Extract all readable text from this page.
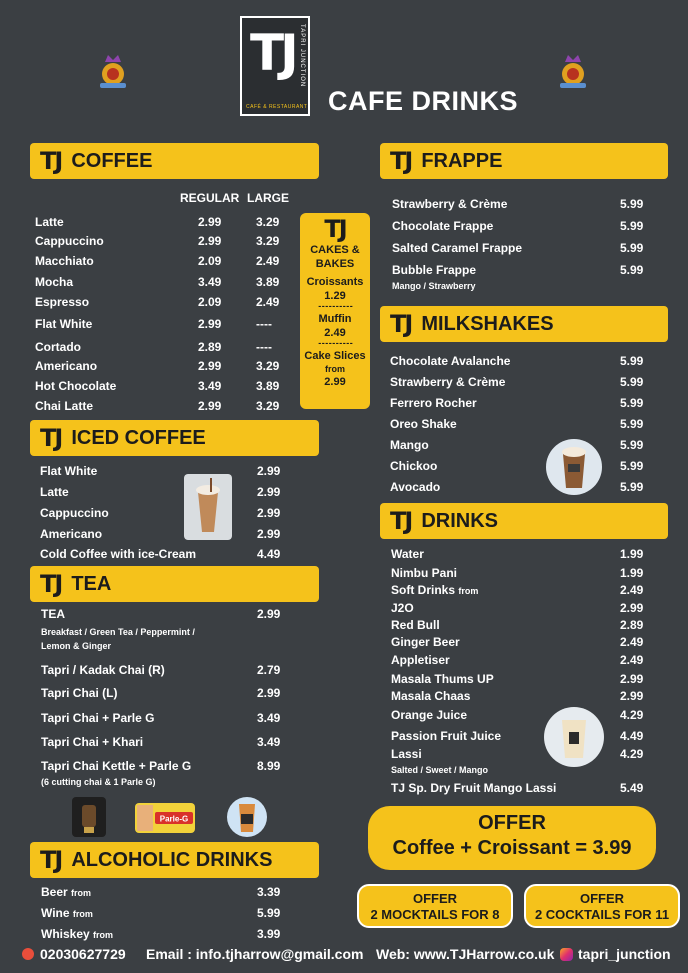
TJ TAPRI JUNCTION
CAFÉ & RESTAURANT CAFE DRINKS
TJ COFFEE
REGULAR LARGE
Latte	2.99	3.29
Cappuccino	2.99	3.29
Macchiato	2.09	2.49
Mocha	3.49	3.89
Espresso	2.09	2.49
Flat White	2.99	----
Cortado	2.89	----
Americano	2.99	3.29
Hot Chocolate	3.49	3.89
Chai Latte	2.99	3.29
TJ
CAKES &
BAKES
Croissants
1.29
- - - - - - - - - -
Muffin
2.49
- - - - - - - - - -
Cake Slices
from
2.99
TJ ICED COFFEE
Flat White	2.99
Latte	2.99
Cappuccino	2.99
Americano	2.99
Cold Coffee with ice-Cream	4.49
TJ TEA
TEA	2.99
Breakfast / Green Tea / Peppermint /
Lemon & Ginger
Tapri / Kadak Chai (R)	2.79
Tapri Chai (L)	2.99
Tapri Chai + Parle G	3.49
Tapri Chai + Khari	3.49
Tapri Chai Kettle + Parle G	8.99
(6 cutting chai & 1 Parle G)
Parle-G
TJ ALCOHOLIC DRINKS
Beer from	3.39
Wine from	5.99
Whiskey from	3.99
TJ FRAPPE
Strawberry & Crème	5.99
Chocolate Frappe	5.99
Salted Caramel Frappe	5.99
Bubble Frappe	5.99
Mango / Strawberry
TJ MILKSHAKES
Chocolate Avalanche	5.99
Strawberry & Crème	5.99
Ferrero Rocher	5.99
Oreo Shake	5.99
Mango	5.99
Chickoo	5.99
Avocado	5.99
TJ DRINKS
Water	1.99
Nimbu Pani	1.99
Soft Drinks from	2.49
J2O	2.99
Red Bull	2.89
Ginger Beer	2.49
Appletiser	2.49
Masala Thums UP	2.99
Masala Chaas	2.99
Orange Juice	4.29
Passion Fruit Juice	4.49
Lassi	4.29
TJ Sp. Dry Fruit Mango Lassi	5.49
Salted / Sweet / Mango
OFFER
Coffee + Croissant = 3.99
OFFER
2 MOCKTAILS FOR 8
OFFER
2 COCKTAILS FOR 11
02030627729 Email : info.tjharrow@gmail.com Web: www.TJHarrow.co.uk	tapri_junction
